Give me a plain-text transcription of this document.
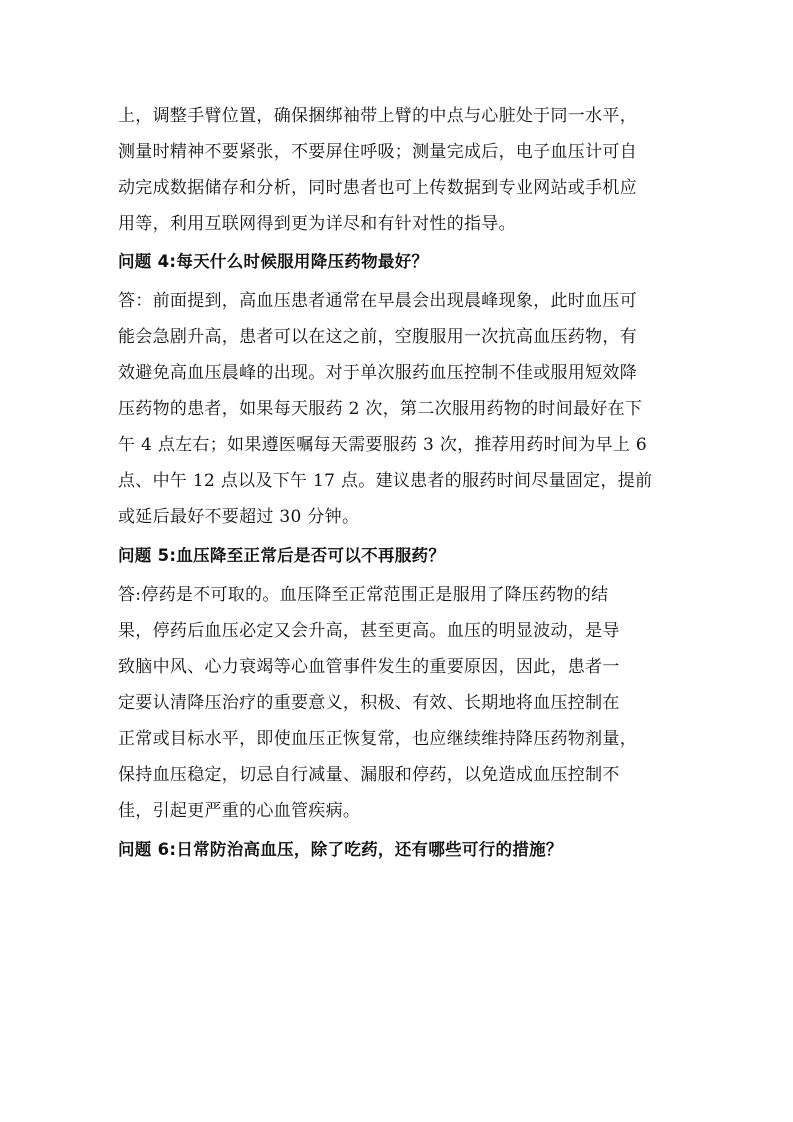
上，调整手臂位置，确保捆绑袖带上臂的中点与心脏处于同一水平，
测量时精神不要紧张，不要屏住呼吸；测量完成后，电子血压计可自
动完成数据储存和分析，同时患者也可上传数据到专业网站或手机应
用等，利用互联网得到更为详尽和有针对性的指导。
问题 4:每天什么时候服用降压药物最好？
答：前面提到，高血压患者通常在早晨会出现晨峰现象，此时血压可
能会急剧升高，患者可以在这之前，空腹服用一次抗高血压药物，有
效避免高血压晨峰的出现。对于单次服药血压控制不佳或服用短效降
压药物的患者，如果每天服药 2 次，第二次服用药物的时间最好在下
午 4 点左右；如果遵医嘱每天需要服药 3 次，推荐用药时间为早上 6
点、中午 12 点以及下午 17 点。建议患者的服药时间尽量固定，提前
或延后最好不要超过 30 分钟。
问题 5:血压降至正常后是否可以不再服药？
答:停药是不可取的。血压降至正常范围正是服用了降压药物的结
果，停药后血压必定又会升高，甚至更高。血压的明显波动，是导
致脑中风、心力衰竭等心血管事件发生的重要原因，因此，患者一
定要认清降压治疗的重要意义，积极、有效、长期地将血压控制在
正常或目标水平，即使血压正恢复常，也应继续维持降压药物剂量，
保持血压稳定，切忌自行减量、漏服和停药，以免造成血压控制不
佳，引起更严重的心血管疾病。
问题 6:日常防治高血压，除了吃药，还有哪些可行的措施？
